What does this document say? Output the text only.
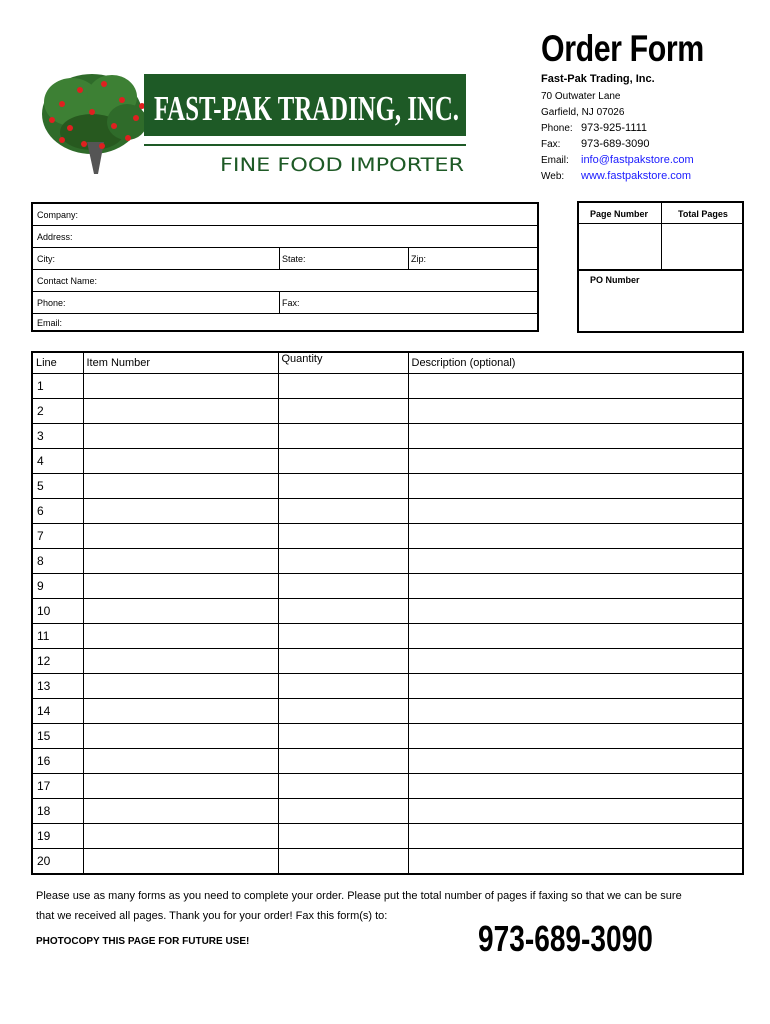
FAST-PAK TRADING, INC.
FINE FOOD IMPORTER
Order Form
Fast-Pak Trading, Inc.
70 Outwater Lane
Garfield, NJ 07026
Phone: 973-925-1111
Fax: 973-689-3090
Email: info@fastpakstore.com
Web: www.fastpakstore.com
Company:
Address:
City:	State:	Zip:
Contact Name:
Phone:	Fax:
Email:
Page Number	Total Pages
PO Number
Line	Item Number	Quantity	Description (optional)
1			
2			
3			
4			
5			
6			
7			
8			
9			
10			
11			
12			
13			
14			
15			
16			
17			
18			
19			
20			
Please use as many forms as you need to complete your order. Please put the total number of pages if faxing so that we can be sure that we received all pages. Thank you for your order! Fax this form(s) to:
PHOTOCOPY THIS PAGE FOR FUTURE USE!	973-689-3090
